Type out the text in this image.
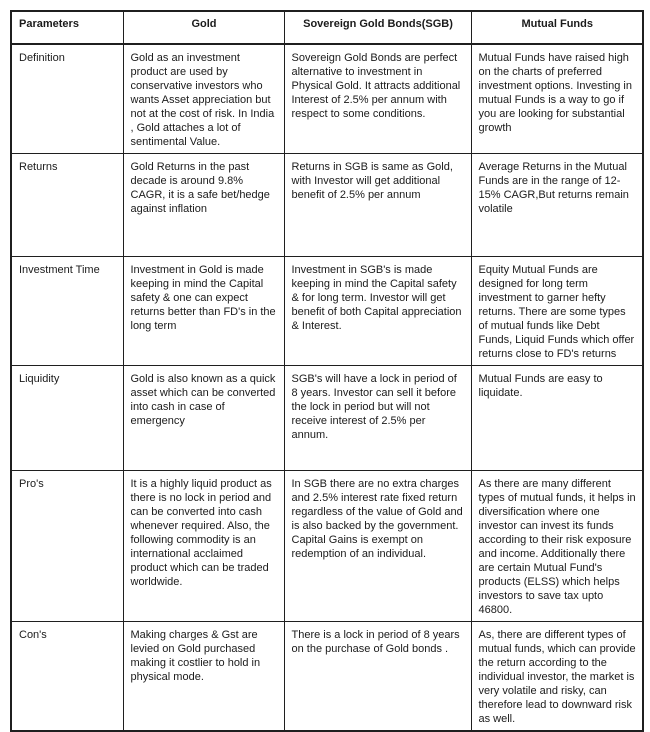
Parameters	Gold	Sovereign Gold Bonds(SGB)	Mutual Funds
Definition	Gold as an investment product are used by conservative investors who wants Asset appreciation but not at the cost of risk. In India , Gold attaches a lot of sentimental Value.	Sovereign Gold Bonds are perfect alternative to investment in Physical Gold. It attracts additional Interest of 2.5% per annum with respect to some conditions.	Mutual Funds have raised high on the charts of preferred investment options. Investing in mutual Funds is a way to go if you are looking for substantial growth
Returns	Gold Returns in the past decade is around 9.8% CAGR, it is a safe bet/hedge against inflation	Returns in SGB is same as Gold, with Investor will get additional benefit of 2.5% per annum	Average Returns in the Mutual Funds are in the range of 12-15% CAGR,But returns remain volatile
Investment Time	Investment in Gold is made keeping in mind the Capital safety & one can expect returns better than FD's in the long term	Investment in SGB's is made keeping in mind the Capital safety & for long term. Investor will get benefit of both Capital appreciation & Interest.	Equity Mutual Funds are designed for long term investment to garner hefty returns. There are some types of mutual funds like Debt Funds, Liquid Funds which offer returns close to FD's returns
Liquidity	Gold is also known as a quick asset which can be converted into cash in case of emergency	SGB's will have a lock in period of 8 years. Investor can sell it before the lock in period but will not receive interest of 2.5% per annum.	Mutual Funds are easy to liquidate.
Pro's	It is a highly liquid product as there is no lock in period and can be converted into cash whenever required. Also, the following commodity is an international acclaimed product which can be traded worldwide.	In SGB there are no extra charges and 2.5% interest rate fixed return regardless of the value of Gold and is also backed by the government. Capital Gains is exempt on redemption of an individual.	As there are many different types of mutual funds, it helps in diversification where one investor can invest its funds according to their risk exposure and income. Additionally there are certain Mutual Fund's products (ELSS) which helps investors to save tax upto 46800.
Con's	Making charges & Gst are levied on Gold purchased making it costlier to hold in physical mode.	There is a lock in period of 8 years on the purchase of Gold bonds .	As, there are different types of mutual funds, which can provide the return according to the individual investor, the market is very volatile and risky, can therefore lead to downward risk as well.
